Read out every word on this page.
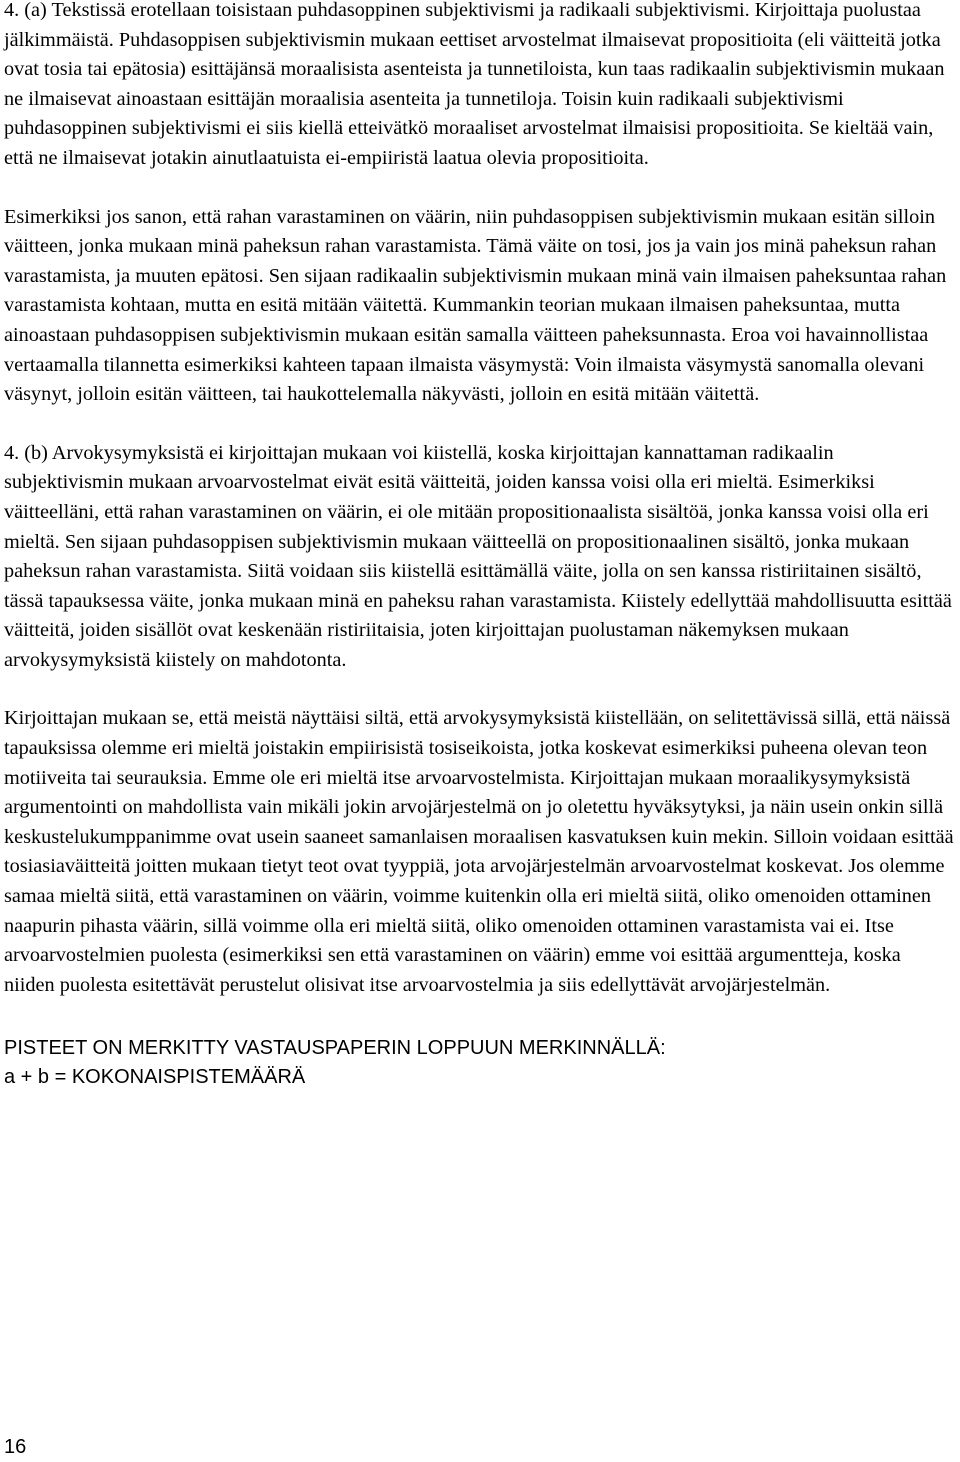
4. (a) Tekstissä erotellaan toisistaan puhdasoppinen subjektivismi ja radikaali subjektivismi. Kirjoittaja puolustaa jälkimmäistä. Puhdasoppisen subjektivismin mukaan eettiset arvostelmat ilmaisevat propositioita (eli väitteitä jotka ovat tosia tai epätosia) esittäjänsä moraalisista asenteista ja tunnetiloista, kun taas radikaalin subjektivismin mukaan ne ilmaisevat ainoastaan esittäjän moraalisia asenteita ja tunnetiloja. Toisin kuin radikaali subjektivismi puhdasoppinen subjektivismi ei siis kiellä etteivätkö moraaliset arvostelmat ilmaisisi propositioita. Se kieltää vain, että ne ilmaisevat jotakin ainutlaatuista ei-empiiristä laatua olevia propositioita.

Esimerkiksi jos sanon, että rahan varastaminen on väärin, niin puhdasoppisen subjektivismin mukaan esitän silloin väitteen, jonka mukaan minä paheksun rahan varastamista. Tämä väite on tosi, jos ja vain jos minä paheksun rahan varastamista, ja muuten epätosi. Sen sijaan radikaalin subjektivismin mukaan minä vain ilmaisen paheksuntaa rahan varastamista kohtaan, mutta en esitä mitään väitettä. Kummankin teorian mukaan ilmaisen paheksuntaa, mutta ainoastaan puhdasoppisen subjektivismin mukaan esitän samalla väitteen paheksunnasta. Eroa voi havainnollistaa vertaamalla tilannetta esimerkiksi kahteen tapaan ilmaista väsymystä: Voin ilmaista väsymystä sanomalla olevani väsynyt, jolloin esitän väitteen, tai haukottelemalla näkyvästi, jolloin en esitä mitään väitettä.

4. (b) Arvokysymyksistä ei kirjoittajan mukaan voi kiistellä, koska kirjoittajan kannattaman radikaalin subjektivismin mukaan arvoarvostelmat eivät esitä väitteitä, joiden kanssa voisi olla eri mieltä. Esimerkiksi väitteelläni, että rahan varastaminen on väärin, ei ole mitään propositionaalista sisältöä, jonka kanssa voisi olla eri mieltä. Sen sijaan puhdasoppisen subjektivismin mukaan väitteellä on propositionaalinen sisältö, jonka mukaan paheksun rahan varastamista. Siitä voidaan siis kiistellä esittämällä väite, jolla on sen kanssa ristiriitainen sisältö, tässä tapauksessa väite, jonka mukaan minä en paheksu rahan varastamista. Kiistely edellyttää mahdollisuutta esittää väitteitä, joiden sisällöt ovat keskenään ristiriitaisia, joten kirjoittajan puolustaman näkemyksen mukaan arvokysymyksistä kiistely on mahdotonta.

Kirjoittajan mukaan se, että meistä näyttäisi siltä, että arvokysymyksistä kiistellään, on selitettävissä sillä, että näissä tapauksissa olemme eri mieltä joistakin empiirisistä tosiseikoista, jotka koskevat esimerkiksi puheena olevan teon motiiveita tai seurauksia. Emme ole eri mieltä itse arvoarvostelmista. Kirjoittajan mukaan moraalikysymyksistä argumentointi on mahdollista vain mikäli jokin arvojärjestelmä on jo oletettu hyväksytyksi, ja näin usein onkin sillä keskustelukumppanimme ovat usein saaneet samanlaisen moraalisen kasvatuksen kuin mekin. Silloin voidaan esittää tosiasiaväitteitä joitten mukaan tietyt teot ovat tyyppiä, jota arvojärjestelmän arvoarvostelmat koskevat. Jos olemme samaa mieltä siitä, että varastaminen on väärin, voimme kuitenkin olla eri mieltä siitä, oliko omenoiden ottaminen naapurin pihasta väärin, sillä voimme olla eri mieltä siitä, oliko omenoiden ottaminen varastamista vai ei. Itse arvoarvostelmien puolesta (esimerkiksi sen että varastaminen on väärin) emme voi esittää argumentteja, koska niiden puolesta esitettävät perustelut olisivat itse arvoarvostelmia ja siis edellyttävät arvojärjestelmän.

PISTEET ON MERKITTY VASTAUSPAPERIN LOPPUUN MERKINNÄLLÄ:

a + b = KOKONAISPISTEMÄÄRÄ

16
